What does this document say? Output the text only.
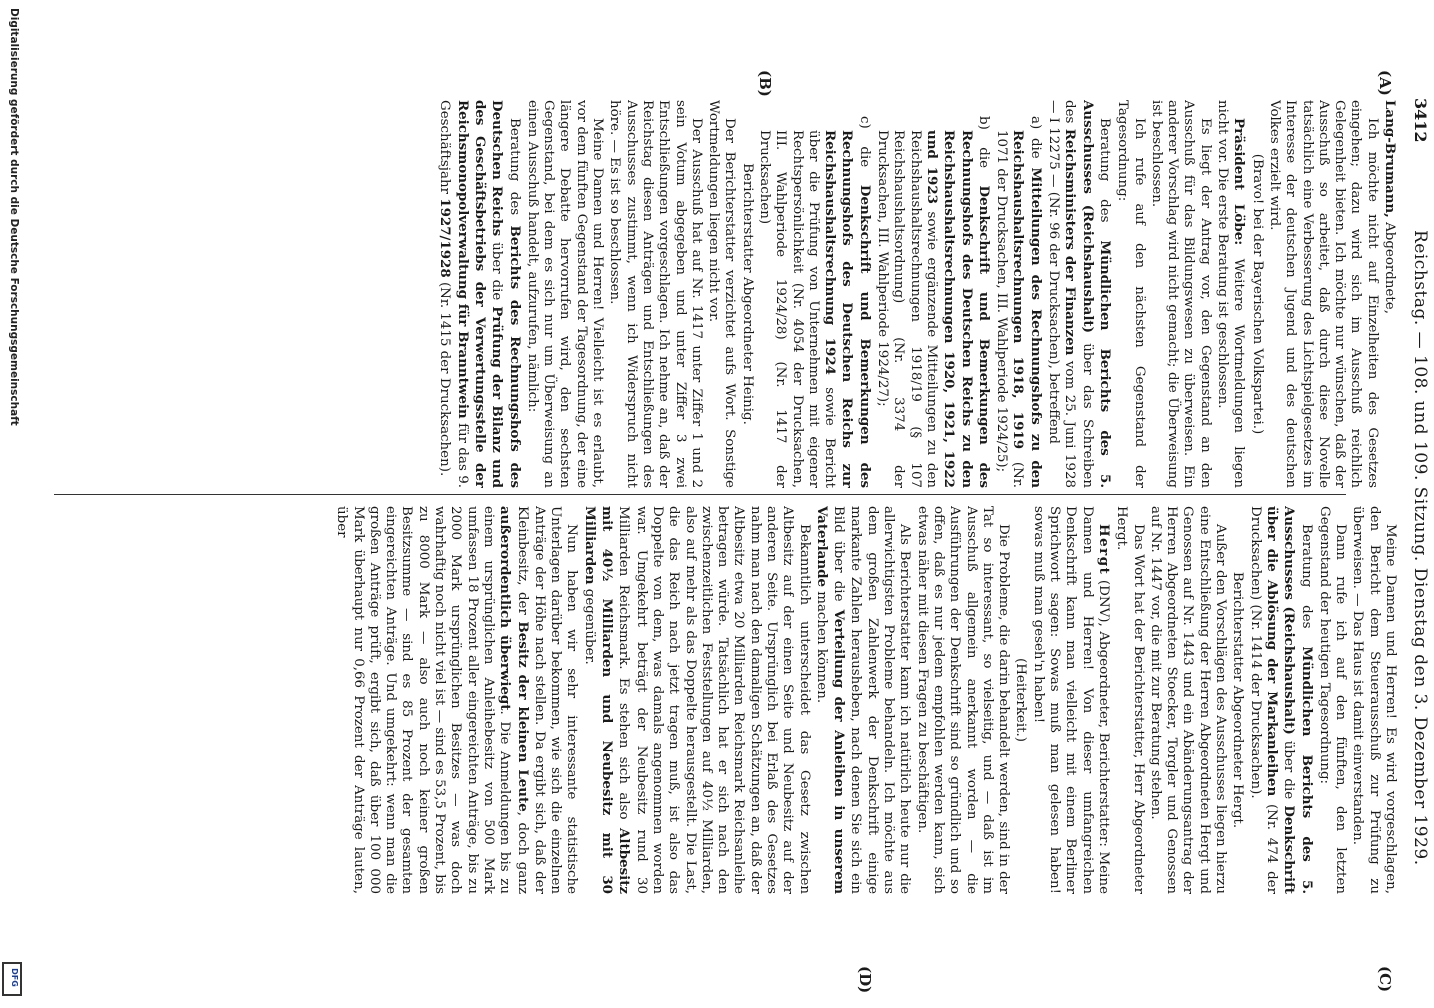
Digitalisierung gefördert durch die Deutsche Forschungsgemeinschaft
DFG
3412
Reichstag. — 108. und 109. Sitzung. Dienstag den 3. Dezember 1929.
(A)
(B)
(C)
(D)

Lang-Brumann, Abgeordnete,

Ich möchte nicht auf Einzelheiten des Gesetzes eingehen; dazu wird sich im Ausschuß reichlich Gelegenheit bieten. Ich möchte nur wünschen, daß der Ausschuß so arbeitet, daß durch diese Novelle tatsächlich eine Verbesserung des Lichtspielgesetzes im Interesse der deutschen Jugend und des deutschen Volkes erzielt wird.

(Bravo! bei der Bayerischen Volkspartei.)

Präsident Löbe: Weitere Wortmeldungen liegen nicht vor. Die erste Beratung ist geschlossen.

Es liegt der Antrag vor, den Gegenstand an den Ausschuß für das Bildungswesen zu überweisen. Ein anderer Vorschlag wird nicht gemacht; die Überweisung ist beschlossen.

Ich rufe auf den nächsten Gegenstand der Tagesordnung:

Beratung des Mündlichen Berichts des 5. Ausschusses (Reichshaushalt) über das Schreiben des Reichsministers der Finanzen vom 25. Juni 1928 — I 12275 — (Nr. 96 der Drucksachen), betreffend

a) die Mitteilungen des Rechnungshofs zu den Reichshaushaltsrechnungen 1918, 1919 (Nr. 1071 der Drucksachen, III. Wahlperiode 1924/25);

b) die Denkschrift und Bemerkungen des Rechnungshofs des Deutschen Reichs zu den Reichshaushaltsrechnungen 1920, 1921, 1922 und 1923 sowie ergänzende Mitteilungen zu den Reichshaushaltsrechnungen 1918/19 (§ 107 Reichshaushaltsordnung) (Nr. 3374 der Drucksachen, III. Wahlperiode 1924/27);

c) die Denkschrift und Bemerkungen des Rechnungshofs des Deutschen Reichs zur Reichshaushaltsrechnung 1924 sowie Bericht über die Prüfung von Unternehmen mit eigener Rechtspersönlichkeit (Nr. 4054 der Drucksachen, III. Wahlperiode 1924/28) (Nr. 1417 der Drucksachen)

Berichterstatter Abgeordneter Heinig.

Der Berichterstatter verzichtet aufs Wort. Sonstige Wortmeldungen liegen nicht vor.

Der Ausschuß hat auf Nr. 1417 unter Ziffer 1 und 2 sein Votum abgegeben und unter Ziffer 3 zwei Entschließungen vorgeschlagen. Ich nehme an, daß der Reichstag diesen Anträgen und Entschließungen des Ausschusses zustimmt, wenn ich Widerspruch nicht höre. — Es ist so beschlossen.

Meine Damen und Herren! Vielleicht ist es erlaubt, vor dem fünften Gegenstand der Tagesordnung, der eine längere Debatte hervorrufen wird, den sechsten Gegenstand, bei dem es sich nur um Überweisung an einen Ausschuß handelt, aufzurufen, nämlich:

Beratung des Berichts des Rechnungshofs des Deutschen Reichs über die Prüfung der Bilanz und des Geschäftsbetriebs der Verwertungsstelle der Reichsmonopolverwaltung für Branntwein für das 9. Geschäftsjahr 1927/1928 (Nr. 1415 der Drucksachen).

Meine Damen und Herren! Es wird vorgeschlagen, den Bericht dem Steuerausschuß zur Prüfung zu überweisen. — Das Haus ist damit einverstanden.

Dann rufe ich auf den fünften, den letzten Gegenstand der heutigen Tagesordnung:

Beratung des Mündlichen Berichts des 5. Ausschusses (Reichshaushalt) über die Denkschrift über die Ablösung der Markanleihen (Nr. 474 der Drucksachen) (Nr. 1414 der Drucksachen).

Berichterstatter Abgeordneter Hergt.

Außer den Vorschlägen des Ausschusses liegen hierzu eine Entschließung der Herren Abgeordneten Hergt und Genossen auf Nr. 1443 und ein Abänderungsantrag der Herren Abgeordneten Stoecker, Torgler und Genossen auf Nr. 1447 vor, die mit zur Beratung stehen.

Das Wort hat der Berichterstatter, Herr Abgeordneter Hergt.

Hergt (DNV), Abgeordneter, Berichterstatter: Meine Damen und Herren! Von dieser umfangreichen Denkschrift kann man vielleicht mit einem Berliner Sprichwort sagen: Sowas muß man gelesen haben! sowas muß man geseh'n haben!

(Heiterkeit.)

Die Probleme, die darin behandelt werden, sind in der Tat so interessant, so vielseitig, und — daß ist im Ausschuß allgemein anerkannt worden — die Ausführungen der Denkschrift sind so gründlich und so offen, daß es nur jedem empfohlen werden kann, sich etwas näher mit diesen Fragen zu beschäftigen.

Als Berichterstatter kann ich natürlich heute nur die allerwichtigsten Probleme behandeln. Ich möchte aus dem großen Zahlenwerk der Denkschrift einige markante Zahlen herausheben, nach denen Sie sich ein Bild über die Verteilung der Anleihen in unserem Vaterlande machen können.

Bekanntlich unterscheidet das Gesetz zwischen Altbesitz auf der einen Seite und Neubesitz auf der anderen Seite. Ursprünglich bei Erlaß des Gesetzes nahm man nach den damaligen Schätzungen an, daß der Altbesitz etwa 20 Milliarden Reichsmark Reichsanleihe betragen würde. Tatsächlich hat er sich nach den zwischenzeitlichen Feststellungen auf 40½ Milliarden, also auf mehr als das Doppelte herausgestellt. Die Last, die das Reich nach jetzt tragen muß, ist also das Doppelte von dem, was damals angenommen worden war. Umgekehrt beträgt der Neubesitz rund 30 Milliarden Reichsmark. Es stehen sich also Altbesitz mit 40½ Milliarden und Neubesitz mit 30 Milliarden gegenüber.

Nun haben wir sehr interessante statistische Unterlagen darüber bekommen, wie sich die einzelnen Anträge der Höhe nach stellen. Da ergibt sich, daß der Kleinbesitz, der Besitz der kleinen Leute, doch ganz außerordentlich überwiegt. Die Anmeldungen bis zu einem ursprünglichen Anleihebesitz von 500 Mark umfassen 18 Prozent aller eingereichten Anträge, bis zu 2000 Mark ursprünglichen Besitzes — was doch wahrhaftig noch nicht viel ist — sind es 53,5 Prozent, bis zu 8000 Mark — also auch noch keiner großen Besitzsumme — sind es 85 Prozent der gesamten eingereichten Anträge. Und umgekehrt: wenn man die großen Anträge prüft, ergibt sich, daß über 100 000 Mark überhaupt nur 0,66 Prozent der Anträge lauten, über
